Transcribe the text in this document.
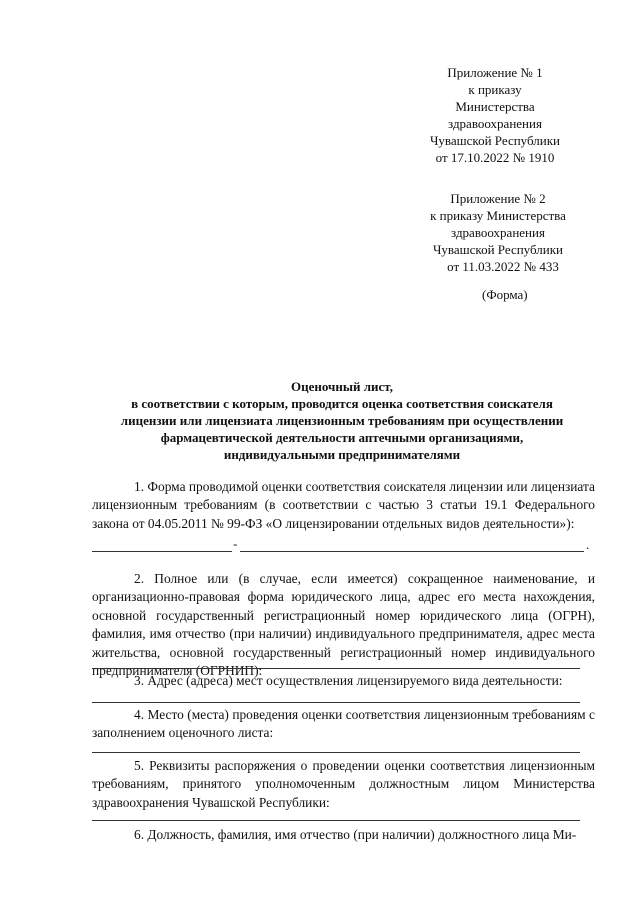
Приложение № 1
к приказу
Министерства
здравоохранения
Чувашской Республики
от 17.10.2022 № 1910
Приложение № 2
к приказу Министерства
здравоохранения
Чувашской Республики
от 11.03.2022 № 433
(Форма)
Оценочный лист,
в соответствии с которым, проводится оценка соответствия соискателя
лицензии или лицензиата лицензионным требованиям при осуществлении
фармацевтической деятельности аптечными организациями,
индивидуальными предпринимателями

1. Форма проводимой оценки соответствия соискателя лицензии или лицензиата лицензионным требованиям (в соответствии с частью 3 статьи 19.1 Федерального закона от 04.05.2011 № 99-ФЗ «О лицензировании отдельных видов деятельности»):

-	.

2. Полное или (в случае, если имеется) сокращенное наименование, и организационно-правовая форма юридического лица, адрес его места нахождения, основной государственный регистрационный номер юридического лица (ОГРН), фамилия, имя отчество (при наличии) индивидуального предпринимателя, адрес места жительства, основной государственный регистрационный номер индивидуального предпринимателя (ОГРНИП):

3. Адрес (адреса) мест осуществления лицензируемого вида деятельности:

4. Место (места) проведения оценки соответствия лицензионным требованиям с заполнением оценочного листа:

5. Реквизиты распоряжения о проведении оценки соответствия лицензионным требованиям, принятого уполномоченным должностным лицом Министерства здравоохранения Чувашской Республики:

6. Должность, фамилия, имя отчество (при наличии) должностного лица Ми-
